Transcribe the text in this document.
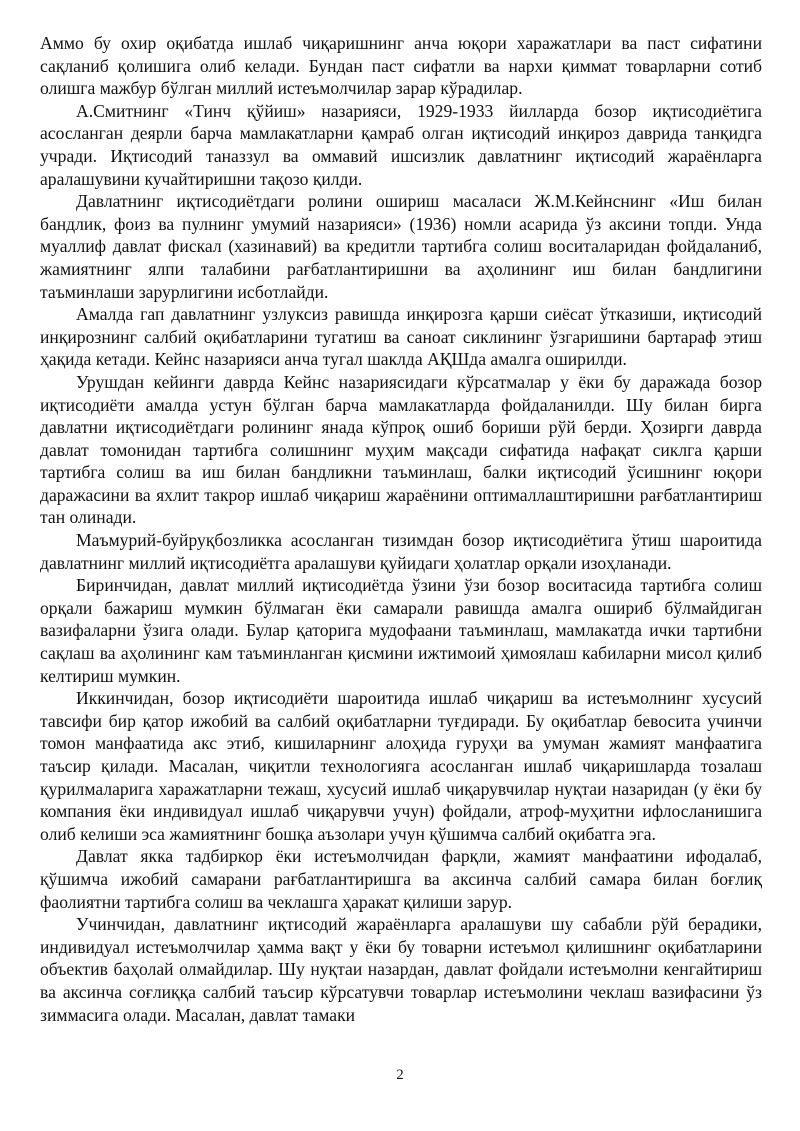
Аммо бу охир оқибатда ишлаб чиқаришнинг анча юқори харажатлари ва паст сифатини сақланиб қолишига олиб келади. Бундан паст сифатли ва нархи қиммат товарларни сотиб олишга мажбур бўлган миллий истеъмолчилар зарар кўрадилар.

А.Смитнинг «Тинч қўйиш» назарияси, 1929-1933 йилларда бозор иқтисодиётига асосланган деярли барча мамлакатларни қамраб олган иқтисодий инқироз даврида танқидга учради. Иқтисодий таназзул ва оммавий ишсизлик давлатнинг иқтисодий жараёнларга аралашувини кучайтиришни тақозо қилди.

Давлатнинг иқтисодиётдаги ролини ошириш масаласи Ж.М.Кейнснинг «Иш билан бандлик, фоиз ва пулнинг умумий назарияси» (1936) номли асарида ўз аксини топди. Унда муаллиф давлат фискал (хазинавий) ва кредитли тартибга солиш воситаларидан фойдаланиб, жамиятнинг ялпи талабини рағбатлантиришни ва аҳолининг иш билан бандлигини таъминлаши зарурлигини исботлайди.

Амалда гап давлатнинг узлуксиз равишда инқирозга қарши сиёсат ўтказиши, иқтисодий инқирознинг салбий оқибатларини тугатиш ва саноат сиклининг ўзгаришини бартараф этиш ҳақида кетади. Кейнс назарияси анча тугал шаклда АҚШда амалга оширилди.

Урушдан кейинги даврда Кейнс назариясидаги кўрсатмалар у ёки бу даражада бозор иқтисодиёти амалда устун бўлган барча мамлакатларда фойдаланилди. Шу билан бирга давлатни иқтисодиётдаги ролининг янада кўпроқ ошиб бориши рўй берди. Ҳозирги даврда давлат томонидан тартибга солишнинг муҳим мақсади сифатида нафақат сиклга қарши тартибга солиш ва иш билан бандликни таъминлаш, балки иқтисодий ўсишнинг юқори даражасини ва яхлит такрор ишлаб чиқариш жараёнини оптималлаштиришни рағбатлантириш тан олинади.

Маъмурий-буйруқбозликка асосланган тизимдан бозор иқтисодиётига ўтиш шароитида давлатнинг миллий иқтисодиётга аралашуви қуйидаги ҳолатлар орқали изоҳланади.

Биринчидан, давлат миллий иқтисодиётда ўзини ўзи бозор воситасида тартибга солиш орқали бажариш мумкин бўлмаган ёки самарали равишда амалга ошириб бўлмайдиган вазифаларни ўзига олади. Булар қаторига мудофаани таъминлаш, мамлакатда ички тартибни сақлаш ва аҳолининг кам таъминланган қисмини ижтимоий ҳимоялаш кабиларни мисол қилиб келтириш мумкин.

Иккинчидан, бозор иқтисодиёти шароитида ишлаб чиқариш ва истеъмолнинг хусусий тавсифи бир қатор ижобий ва салбий оқибатларни туғдиради. Бу оқибатлар бевосита учинчи томон манфаатида акс этиб, кишиларнинг алоҳида гуруҳи ва умуман жамият манфаатига таъсир қилади. Масалан, чиқитли технологияга асосланган ишлаб чиқаришларда тозалаш қурилмаларига харажатларни тежаш, хусусий ишлаб чиқарувчилар нуқтаи назаридан (у ёки бу компания ёки индивидуал ишлаб чиқарувчи учун) фойдали, атроф-муҳитни ифлосланишига олиб келиши эса жамиятнинг бошқа аъзолари учун қўшимча салбий оқибатга эга.

Давлат якка тадбиркор ёки истеъмолчидан фарқли, жамият манфаатини ифодалаб, қўшимча ижобий самарани рағбатлантиришга ва аксинча салбий самара билан боғлиқ фаолиятни тартибга солиш ва чеклашга ҳаракат қилиши зарур.

Учинчидан, давлатнинг иқтисодий жараёнларга аралашуви шу сабабли рўй берадики, индивидуал истеъмолчилар ҳамма вақт у ёки бу товарни истеъмол қилишнинг оқибатларини объектив баҳолай олмайдилар. Шу нуқтаи назардан, давлат фойдали истеъмолни кенгайтириш ва аксинча соғлиққа салбий таъсир кўрсатувчи товарлар истеъмолини чеклаш вазифасини ўз зиммасига олади. Масалан, давлат тамаки

2
